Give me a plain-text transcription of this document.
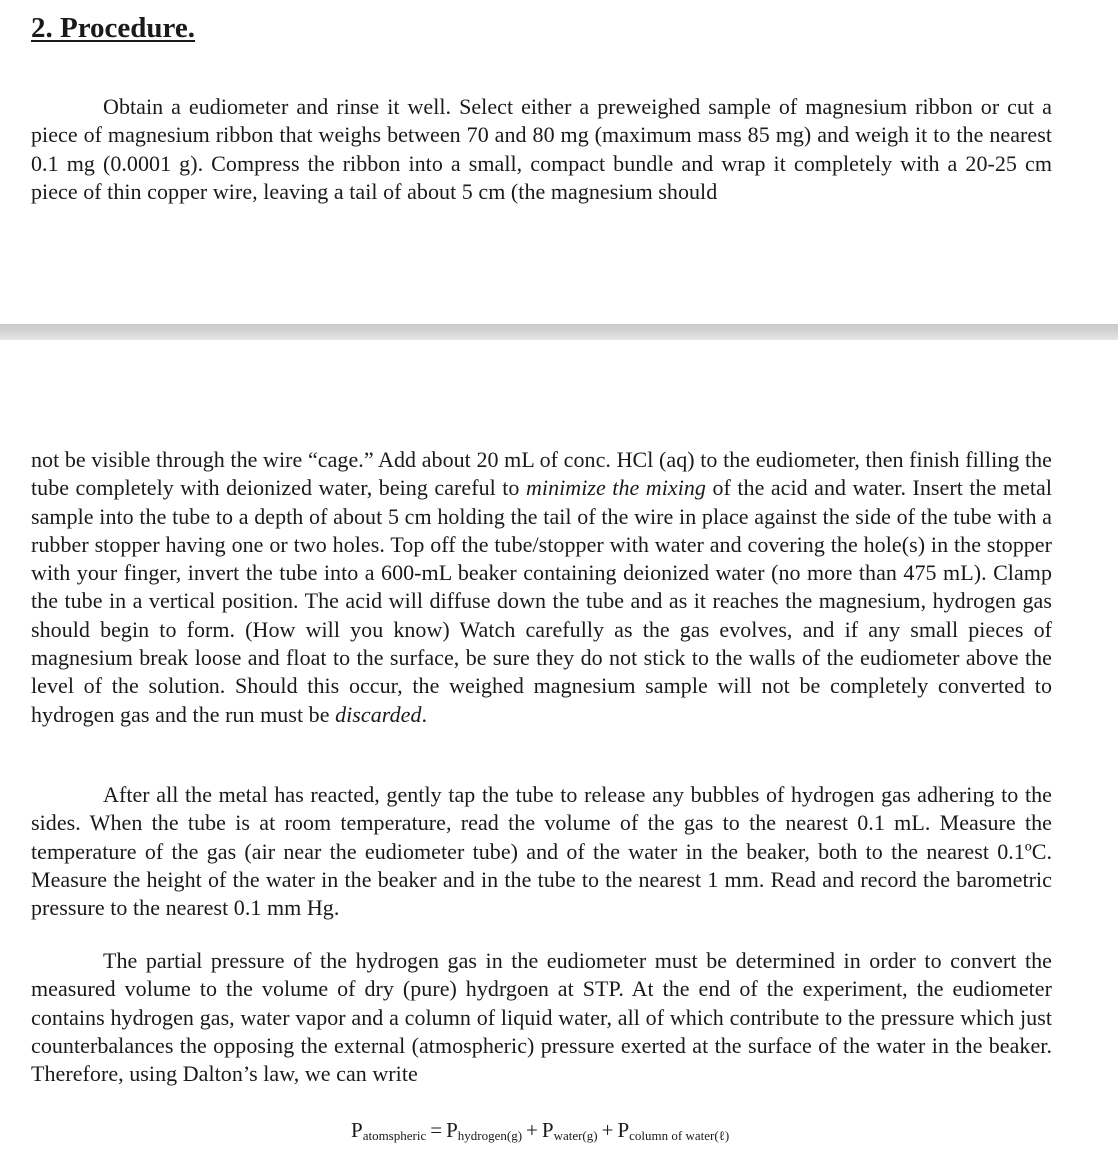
2. Procedure.

Obtain a eudiometer and rinse it well. Select either a preweighed sample of magnesium ribbon or cut a piece of magnesium ribbon that weighs between 70 and 80 mg (maximum mass 85 mg) and weigh it to the nearest 0.1 mg (0.0001 g). Compress the ribbon into a small, compact bundle and wrap it completely with a 20-25 cm piece of thin copper wire, leaving a tail of about 5 cm (the magnesium should

not be visible through the wire “cage.” Add about 20 mL of conc. HCl (aq) to the eudiometer, then finish filling the tube completely with deionized water, being careful to minimize the mixing of the acid and water. Insert the metal sample into the tube to a depth of about 5 cm holding the tail of the wire in place against the side of the tube with a rubber stopper having one or two holes. Top off the tube/stopper with water and covering the hole(s) in the stopper with your finger, invert the tube into a 600-mL beaker containing deionized water (no more than 475 mL). Clamp the tube in a vertical position. The acid will diffuse down the tube and as it reaches the magnesium, hydrogen gas should begin to form. (How will you know) Watch carefully as the gas evolves, and if any small pieces of magnesium break loose and float to the surface, be sure they do not stick to the walls of the eudiometer above the level of the solution. Should this occur, the weighed magnesium sample will not be completely converted to hydrogen gas and the run must be discarded.

After all the metal has reacted, gently tap the tube to release any bubbles of hydrogen gas adhering to the sides. When the tube is at room temperature, read the volume of the gas to the nearest 0.1 mL. Measure the temperature of the gas (air near the eudiometer tube) and of the water in the beaker, both to the nearest 0.1ºC. Measure the height of the water in the beaker and in the tube to the nearest 1 mm. Read and record the barometric pressure to the nearest 0.1 mm Hg.

The partial pressure of the hydrogen gas in the eudiometer must be determined in order to convert the measured volume to the volume of dry (pure) hydrgoen at STP. At the end of the experiment, the eudiometer contains hydrogen gas, water vapor and a column of liquid water, all of which contribute to the pressure which just counterbalances the opposing the external (atmospheric) pressure exerted at the surface of the water in the beaker. Therefore, using Dalton’s law, we can write

$P_{atomspheric} = P_{hydrogen(g)} + P_{water(g)} + P_{column of water(\ell)}$
